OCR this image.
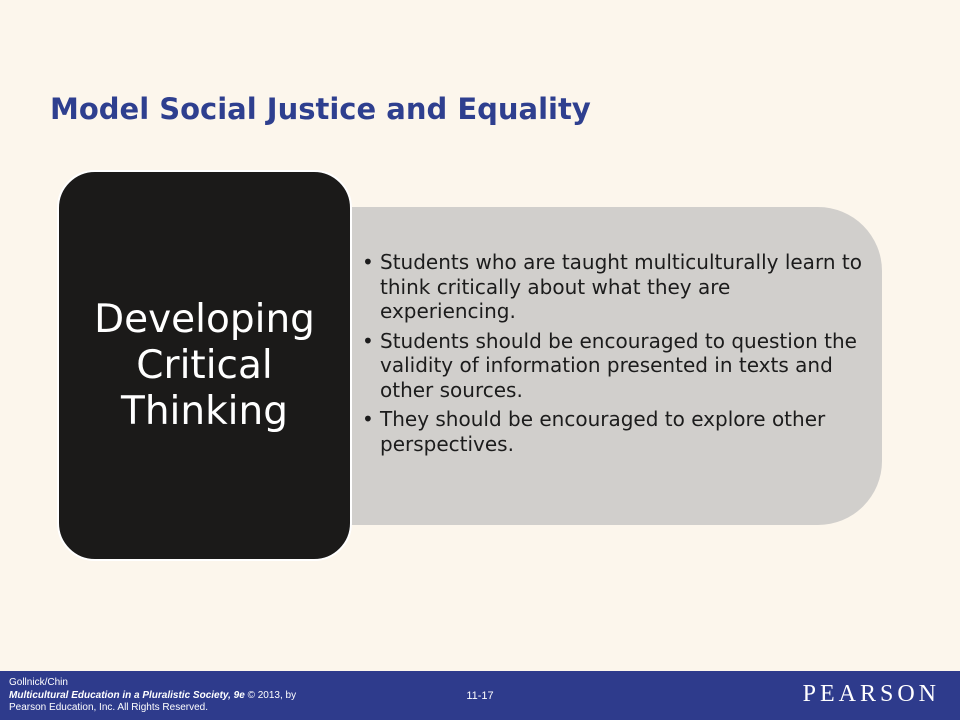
Model Social Justice and Equality
• Students who are taught multiculturally learn to think critically about what they are experiencing.
• Students should be encouraged to question the validity of information presented in texts and other sources.
• They should be encouraged to explore other perspectives.

Developing
Critical
Thinking

Gollnick/Chin
Multicultural Education in a Pluralistic Society, 9e © 2013, by
Pearson Education, Inc. All Rights Reserved.
11-17	PEARSON
